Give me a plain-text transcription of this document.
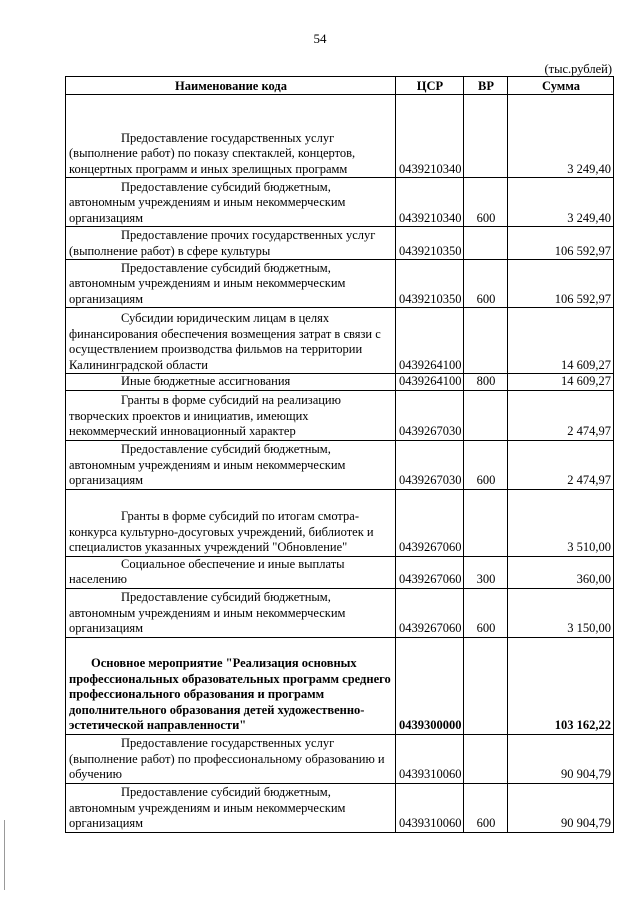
54
(тыс.рублей)
Наименование кода	ЦСР	ВР	Сумма
Предоставление государственных услуг (выполнение работ) по показу спектаклей, концертов, концертных программ и иных зрелищных программ	0439210340		3 249,40
Предоставление субсидий бюджетным, автономным учреждениям и иным некоммерческим организациям	0439210340	600	3 249,40
Предоставление прочих государственных услуг (выполнение работ) в сфере культуры	0439210350		106 592,97
Предоставление субсидий бюджетным, автономным учреждениям и иным некоммерческим организациям	0439210350	600	106 592,97
Субсидии юридическим лицам в целях финансирования обеспечения возмещения затрат в связи с осуществлением производства фильмов на территории Калининградской области	0439264100		14 609,27
Иные бюджетные ассигнования	0439264100	800	14 609,27
Гранты в форме субсидий на реализацию творческих проектов и инициатив, имеющих некоммерческий инновационный характер	0439267030		2 474,97
Предоставление субсидий бюджетным, автономным учреждениям и иным некоммерческим организациям	0439267030	600	2 474,97
Гранты в форме субсидий по итогам смотра-конкурса культурно-досуговых учреждений, библиотек и специалистов указанных учреждений "Обновление"	0439267060		3 510,00
Социальное обеспечение и иные выплаты населению	0439267060	300	360,00
Предоставление субсидий бюджетным, автономным учреждениям и иным некоммерческим организациям	0439267060	600	3 150,00
Основное мероприятие "Реализация основных профессиональных образовательных программ среднего профессионального образования и программ дополнительного образования детей художественно-эстетической направленности"	0439300000		103 162,22
Предоставление государственных услуг (выполнение работ) по профессиональному образованию и обучению	0439310060		90 904,79
Предоставление субсидий бюджетным, автономным учреждениям и иным некоммерческим организациям	0439310060	600	90 904,79
